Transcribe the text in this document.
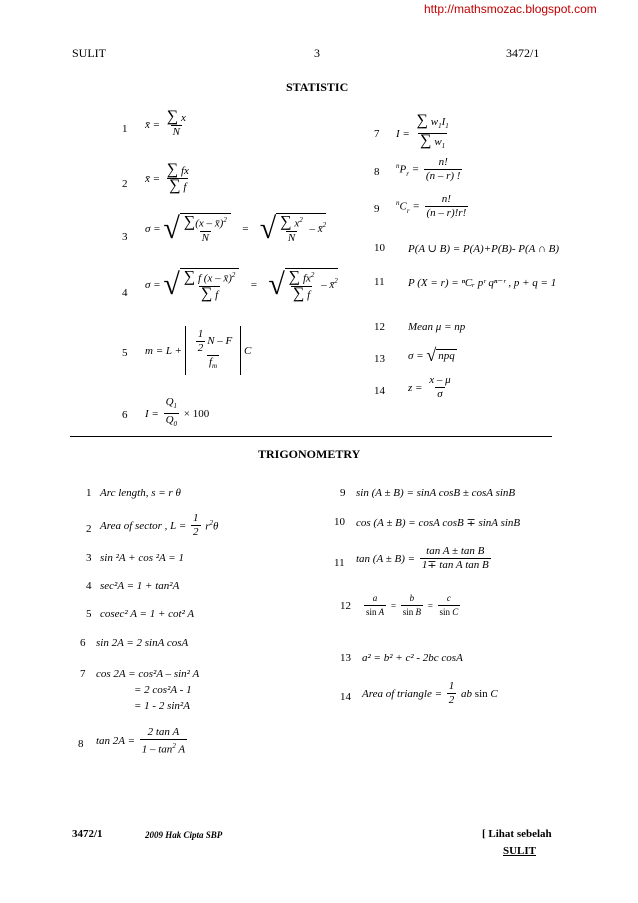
http://mathsmozac.blogspot.com
SULIT	3	3472/1
STATISTIC
1 x̄ = $\frac{\sum x}{N}$
2 x̄ = $\frac{\sum fx}{\sum f}$
3
σ = √ $\frac{\sum(x - x̄)^2}{N}$ = √ $\frac{\sum x^2}{N}$ – x̄$^2$
4
σ = √ $\frac{\sum f (x - x̄)^2}{\sum f}$ = √ $\frac{\sum fx^2}{\sum f}$ – x̄$^2$
5 $m = L + \frac{\frac{1}{2} N - F}{f_m}$ C
6 $I = \frac{Q_1}{Q_0} \times 100$
7 $I = \frac{\sum w_1I_1}{\sum w_1}$
8
$^nP_r = \frac{n!}{(n - r) !}$
9
$^nC_r = \frac{n!}{(n - r)!r!}$
10 P(A ∪ B) = P(A)+P(B)- P(A ∩ B)
11 P (X = r) = ⁿCᵣ pʳ qⁿ⁻ʳ , p + q = 1
12 Mean μ = np
13 σ = √ npq
14 $z = \frac{x - \mu}{\sigma}$
TRIGONOMETRY
1 Arc length, s = r θ
2 Area of sector , $L = \frac{1}{2} r^2\theta$
3 sin ²A + cos ²A = 1
4 sec²A = 1 + tan²A
5 cosec² A = 1 + cot² A
6 sin 2A = 2 sinA cosA
7 cos 2A = cos²A – sin² A
= 2 cos²A - 1
= 1 - 2 sin²A
8 $\tan 2A = \frac{\text{2 tan A}}{1 - \tan^2 A}$
9 sin (A ± B) = sinA cosB ± cosA sinB
10 cos (A ± B) = cosA cosB ∓ sinA sinB
11 $\tan (A \pm B) = \frac{\text{tan A ± tan B}}{\text{1∓ tan A tan B}}$
$12 \frac{a}{\text{sin A}} = \frac{b}{\text{sin B}} = \frac{c}{\text{sin C}}$
13 a² = b² + c² - 2bc cosA
14 Area of triangle = $\frac{1}{2}$ ab sin C
3472/1	2009 Hak Cipta SBP	[ Lihat sebelah
SULIT
